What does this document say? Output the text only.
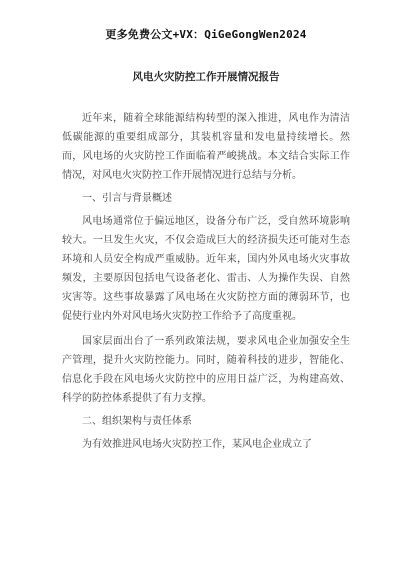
更多免费公文+VX：QiGeGongWen2024
风电火灾防控工作开展情况报告

近年来，随着全球能源结构转型的深入推进，风电作为清洁低碳能源的重要组成部分，其装机容量和发电量持续增长。然而，风电场的火灾防控工作面临着严峻挑战。本文结合实际工作情况，对风电火灾防控工作开展情况进行总结与分析。

一、引言与背景概述

风电场通常位于偏远地区，设备分布广泛，受自然环境影响较大。一旦发生火灾，不仅会造成巨大的经济损失还可能对生态环境和人员安全构成严重威胁。近年来，国内外风电场火灾事故频发，主要原因包括电气设备老化、雷击、人为操作失误、自然灾害等。这些事故暴露了风电场在火灾防控方面的薄弱环节，也促使行业内外对风电场火灾防控工作给予了高度重视。

国家层面出台了一系列政策法规，要求风电企业加强安全生产管理，提升火灾防控能力。同时，随着科技的进步，智能化、信息化手段在风电场火灾防控中的应用日益广泛，为构建高效、科学的防控体系提供了有力支撑。

二、组织架构与责任体系

为有效推进风电场火灾防控工作，某风电企业成立了
